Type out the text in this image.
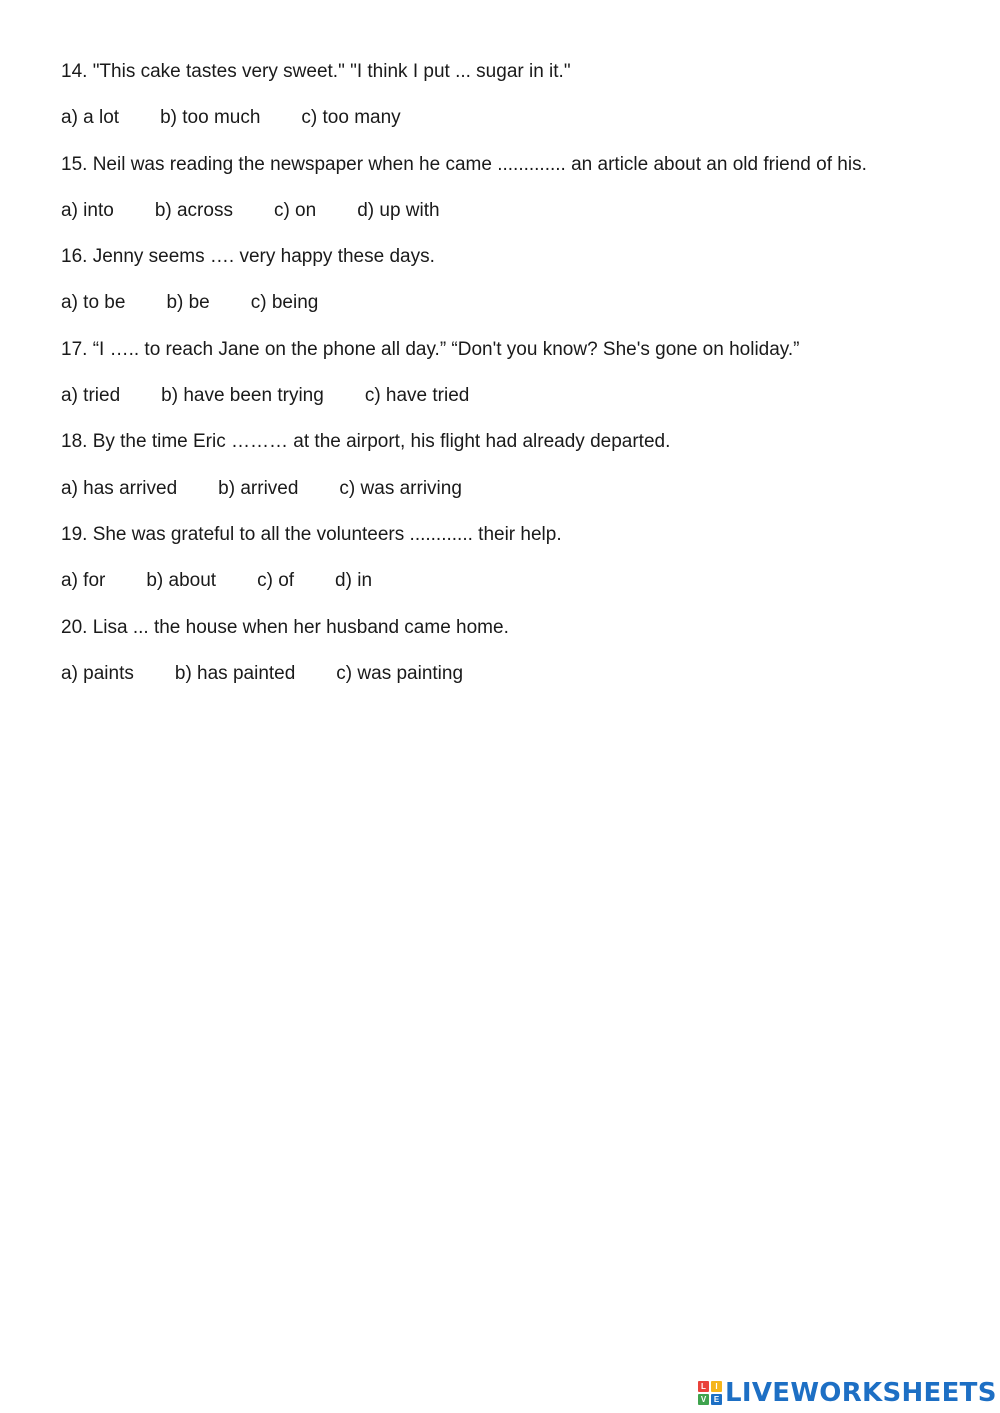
14. "This cake tastes very sweet." "I think I put ... sugar in it."
a) a lot b) too much c) too many
15. Neil was reading the newspaper when he came ............. an article about an old friend of his.
a) into b) across c) on d) up with
16. Jenny seems …. very happy these days.
a) to be b) be c) being
17. “I ….. to reach Jane on the phone all day.” “Don't you know? She's gone on holiday.”
a) tried b) have been trying c) have tried
18. By the time Eric ……… at the airport, his flight had already departed.
a) has arrived b) arrived c) was arriving
19. She was grateful to all the volunteers ............ their help.
a) for b) about c) of d) in
20. Lisa ... the house when her husband came home.
a) paints b) has painted c) was painting
L	I
V E LIVEWORKSHEETS
